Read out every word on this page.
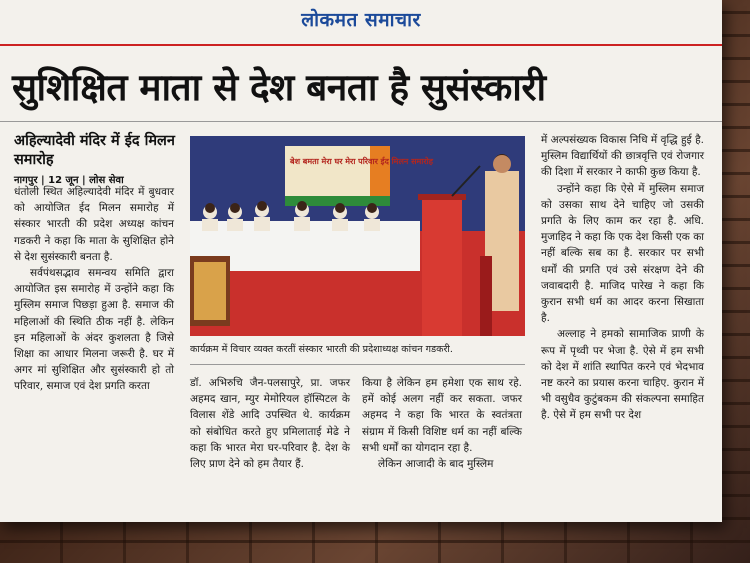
लोकमत समाचार
सुशिक्षित माता से देश बनता है सुसंस्कारी
अहिल्यादेवी मंदिर में ईद मिलन समारोह
नागपुर | 12 जून | लोस सेवा

धंतोली स्थित अहिल्यादेवी मंदिर में बुधवार को आयोजित ईद मिलन समारोह में संस्कार भारती की प्रदेश अध्यक्ष कांचन गडकरी ने कहा कि माता के सुशिक्षित होने से देश सुसंस्कारी बनता है.

सर्वपंथसद्भाव समन्वय समिति द्वारा आयोजित इस समारोह में उन्होंने कहा कि मुस्लिम समाज पिछड़ा हुआ है. समाज की महिलाओं की स्थिति ठीक नहीं है. लेकिन इन महिलाओं के अंदर कुशलता है जिसे शिक्षा का आधार मिलना जरूरी है. घर में अगर मां सुशिक्षित और सुसंस्कारी हो तो परिवार, समाज एवं देश प्रगति करता

बेश बमता मेरा घर मेरा परिवार ईद मिलन समारोह
कार्यक्रम में विचार व्यक्त करतीं संस्कार भारती की प्रदेशाध्यक्ष कांचन गडकरी.

डॉ. अभिरुचि जैन-पलसापुरे, प्रा. जफर अहमद खान, म्युर मेमोरियल हॉस्पिटल के विलास शेंडे आदि उपस्थित थे. कार्यक्रम को संबोधित करते हुए प्रमिलाताई मेढे ने कहा कि भारत मेरा घर-परिवार है. देश के लिए प्राण देने को हम तैयार हैं.

किया है लेकिन हम हमेशा एक साथ रहे. हमें कोई अलग नहीं कर सकता. जफर अहमद ने कहा कि भारत के स्वतंत्रता संग्राम में किसी विशिष्ट धर्म का नहीं बल्कि सभी धर्मों का योगदान रहा है.

लेकिन आजादी के बाद मुस्लिम

में अल्पसंख्यक विकास निधि में वृद्धि हुई है. मुस्लिम विद्यार्थियों की छात्रवृत्ति एवं रोजगार की दिशा में सरकार ने काफी कुछ किया है.

उन्होंने कहा कि ऐसे में मुस्लिम समाज को उसका साथ देने चाहिए जो उसकी प्रगति के लिए काम कर रहा है. अधि. मुजाहिद ने कहा कि एक देश किसी एक का नहीं बल्कि सब का है. सरकार पर सभी धर्मों की प्रगति एवं उसे संरक्षण देने की जवाबदारी है. माजिद पारेख ने कहा कि कुरान सभी धर्म का आदर करना सिखाता है.

अल्लाह ने हमको सामाजिक प्राणी के रूप में पृथ्वी पर भेजा है. ऐसे में हम सभी को देश में शांति स्थापित करने एवं भेदभाव नष्ट करने का प्रयास करना चाहिए. कुरान में भी वसुधैव कुटुंबकम की संकल्पना समाहित है. ऐसे में हम सभी पर देश
